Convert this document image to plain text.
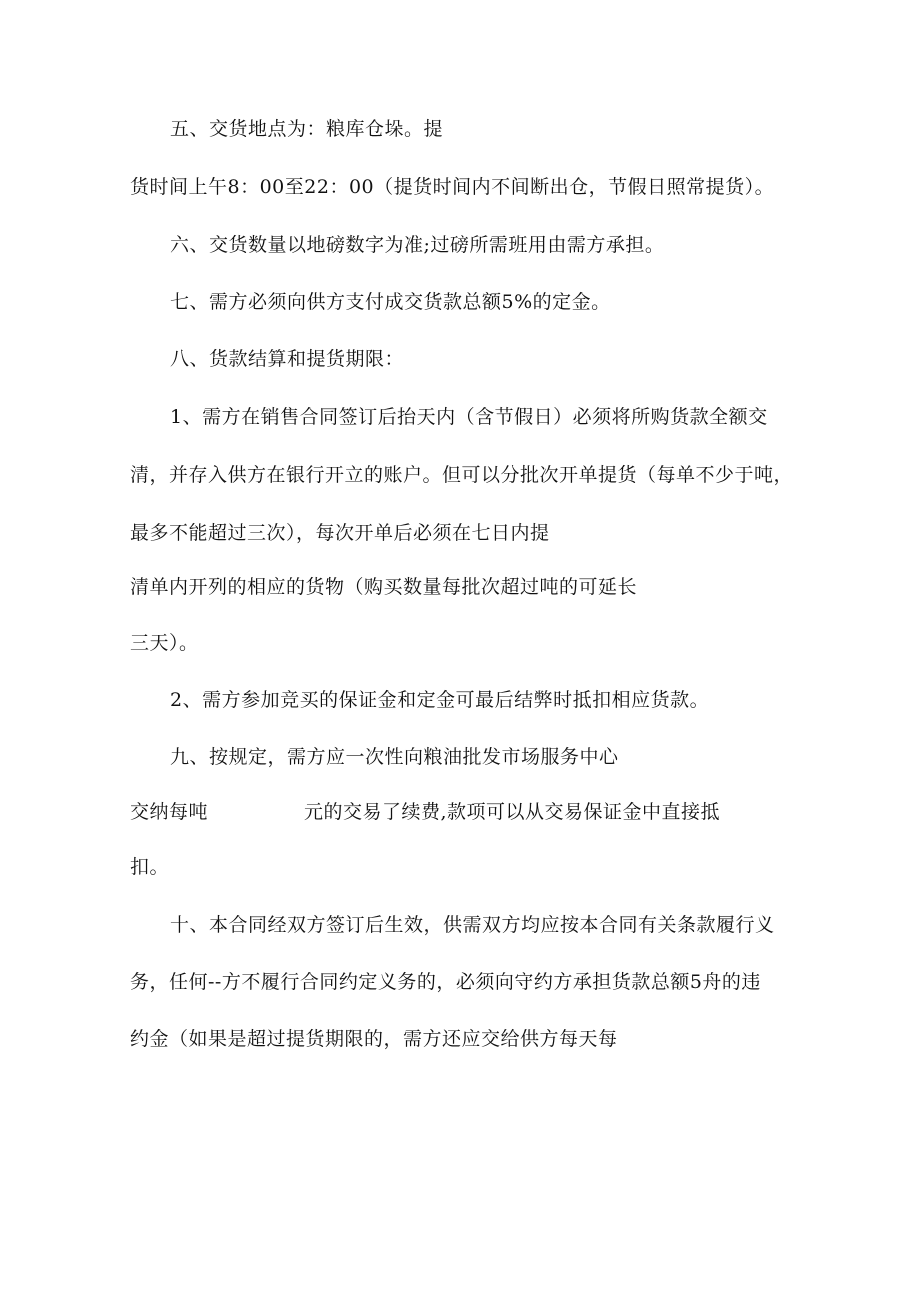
五、交货地点为：粮库仓垛。提

货时间上午8：00至22：00（提货时间内不间断出仓，节假日照常提货）。

六、交货数量以地磅数字为准;过磅所需班用由需方承担。

七、需方必须向供方支付成交货款总额5%的定金。

八、货款结算和提货期限：

1、需方在销售合同签订后抬天内（含节假日）必须将所购货款全额交

清，并存入供方在银行开立的账户。但可以分批次开单提货（每单不少于吨，

最多不能超过三次），每次开单后必须在七日内提

清单内开列的相应的货物（购买数量每批次超过吨的可延长

三天）。

2、需方参加竞买的保证金和定金可最后结弊时抵扣相应货款。

九、按规定，需方应一次性向粮油批发市场服务中心

交纳每吨	元的交易了续费,款项可以从交易保证金中直接抵

扣。

十、本合同经双方签订后生效，供需双方均应按本合同有关条款履行义

务，任何--方不履行合同约定义务的，必须向守约方承担货款总额5舟的违

约金（如果是超过提货期限的，需方还应交给供方每天每
